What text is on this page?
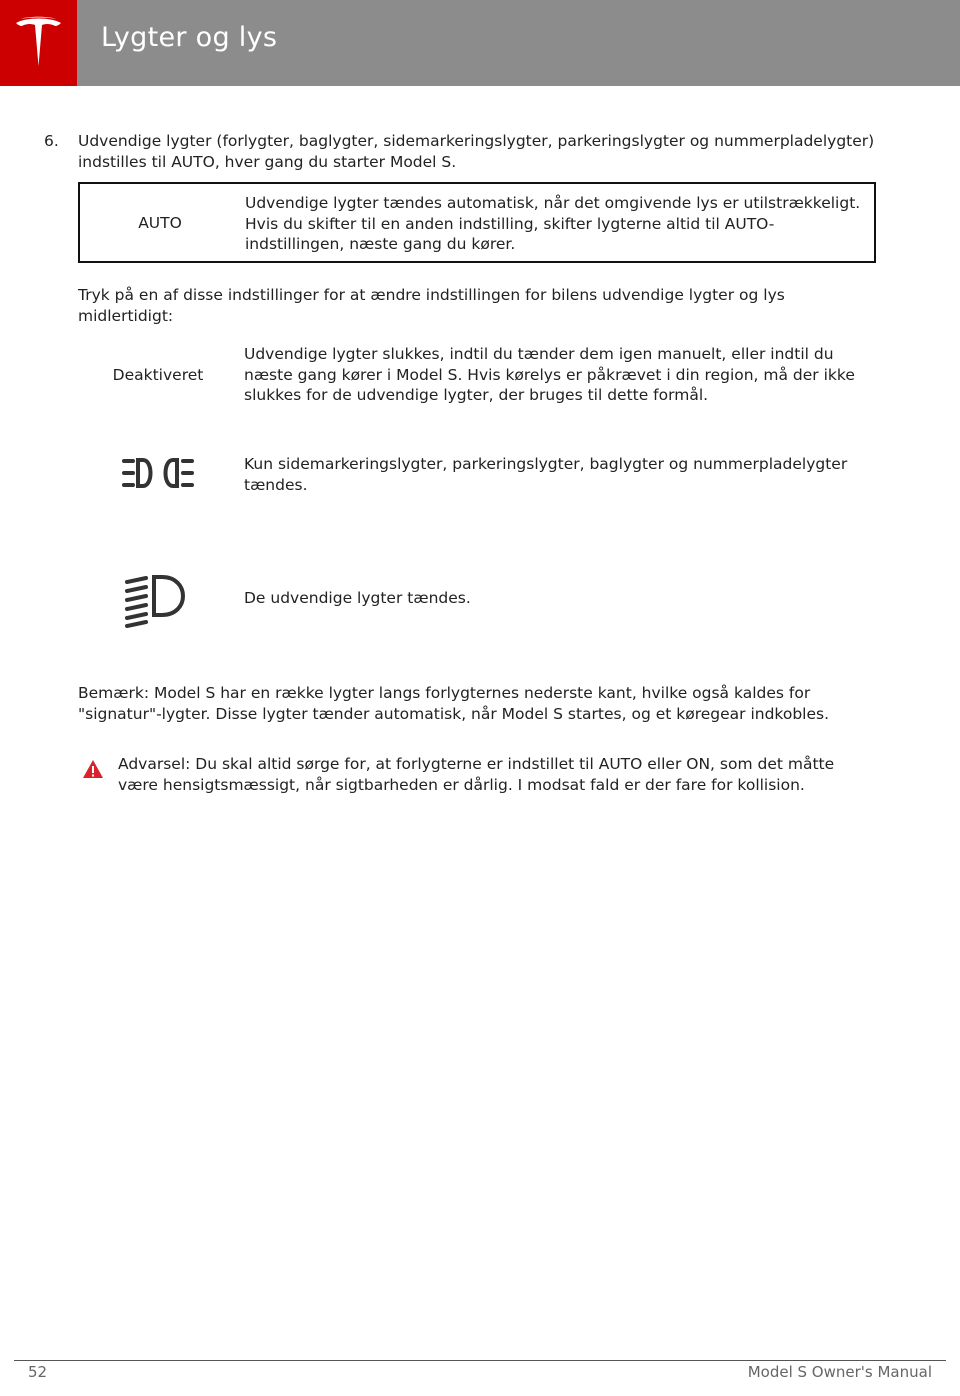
Lygter og lys
6. Udvendige lygter (forlygter, baglygter, sidemarkeringslygter, parkeringslygter og nummerpladelygter) indstilles til AUTO, hver gang du starter Model S.
AUTO
Udvendige lygter tændes automatisk, når det omgivende lys er utilstrækkeligt. Hvis du skifter til en anden indstilling, skifter lygterne altid til AUTO-indstillingen, næste gang du kører.
Tryk på en af disse indstillinger for at ændre indstillingen for bilens udvendige lygter og lys midlertidigt:
Deaktiveret
Udvendige lygter slukkes, indtil du tænder dem igen manuelt, eller indtil du næste gang kører i Model S. Hvis kørelys er påkrævet i din region, må der ikke slukkes for de udvendige lygter, der bruges til dette formål.
Kun sidemarkeringslygter, parkeringslygter, baglygter og nummerpladelygter tændes.
De udvendige lygter tændes.
Bemærk: Model S har en række lygter langs forlygternes nederste kant, hvilke også kaldes for "signatur"-lygter. Disse lygter tænder automatisk, når Model S startes, og et køregear indkobles.
Advarsel: Du skal altid sørge for, at forlygterne er indstillet til AUTO eller ON, som det måtte være hensigtsmæssigt, når sigtbarheden er dårlig. I modsat fald er der fare for kollision.
52	Model S Owner's Manual
